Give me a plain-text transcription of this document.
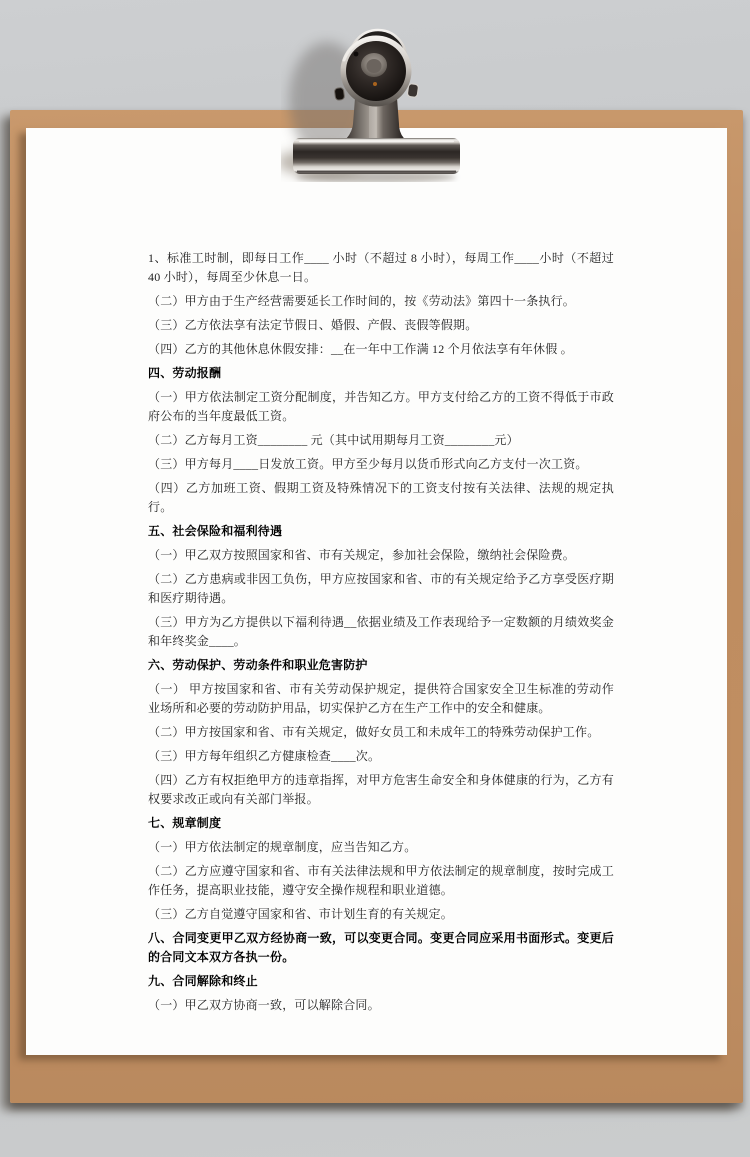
1、标准工时制，即每日工作____ 小时（不超过 8 小时），每周工作____小时（不超过 40 小时），每周至少休息一日。

（二）甲方由于生产经营需要延长工作时间的，按《劳动法》第四十一条执行。

（三）乙方依法享有法定节假日、婚假、产假、丧假等假期。

（四）乙方的其他休息休假安排：__在一年中工作满 12 个月依法享有年休假 。

四、劳动报酬

（一）甲方依法制定工资分配制度，并告知乙方。甲方支付给乙方的工资不得低于市政府公布的当年度最低工资。

（二）乙方每月工资________ 元（其中试用期每月工资________元）

（三）甲方每月____日发放工资。甲方至少每月以货币形式向乙方支付一次工资。

（四）乙方加班工资、假期工资及特殊情况下的工资支付按有关法律、法规的规定执行。

五、社会保险和福利待遇

（一）甲乙双方按照国家和省、市有关规定，参加社会保险，缴纳社会保险费。

（二）乙方患病或非因工负伤，甲方应按国家和省、市的有关规定给予乙方享受医疗期和医疗期待遇。

（三）甲方为乙方提供以下福利待遇__依据业绩及工作表现给予一定数额的月绩效奖金和年终奖金____。

六、劳动保护、劳动条件和职业危害防护

（一） 甲方按国家和省、市有关劳动保护规定，提供符合国家安全卫生标准的劳动作业场所和必要的劳动防护用品，切实保护乙方在生产工作中的安全和健康。

（二）甲方按国家和省、市有关规定，做好女员工和未成年工的特殊劳动保护工作。

（三）甲方每年组织乙方健康检查____次。

（四）乙方有权拒绝甲方的违章指挥，对甲方危害生命安全和身体健康的行为，乙方有权要求改正或向有关部门举报。

七、规章制度

（一）甲方依法制定的规章制度，应当告知乙方。

（二）乙方应遵守国家和省、市有关法律法规和甲方依法制定的规章制度，按时完成工作任务，提高职业技能，遵守安全操作规程和职业道德。

（三）乙方自觉遵守国家和省、市计划生育的有关规定。

八、合同变更甲乙双方经协商一致，可以变更合同。变更合同应采用书面形式。变更后的合同文本双方各执一份。

九、合同解除和终止

（一）甲乙双方协商一致，可以解除合同。
